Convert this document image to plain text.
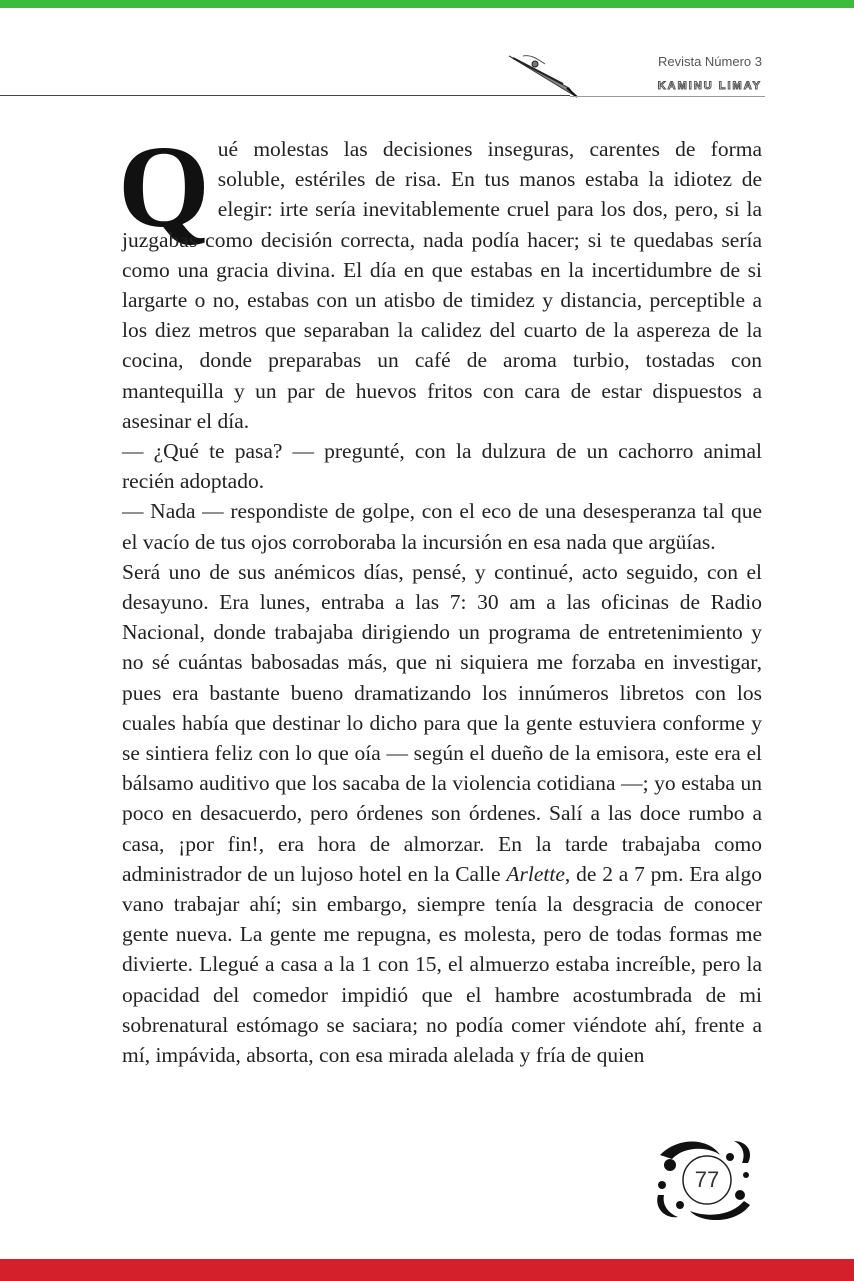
Revista Número 3
KAMINU LIMAY

Qué molestas las decisiones inseguras, carentes de forma soluble, estériles de risa. En tus manos estaba la idiotez de elegir: irte sería inevitablemente cruel para los dos, pero, si la juzgabas como decisión correcta, nada podía hacer; si te quedabas sería como una gracia divina. El día en que estabas en la incertidumbre de si largarte o no, estabas con un atisbo de timidez y distancia, perceptible a los diez metros que separaban la calidez del cuarto de la aspereza de la cocina, donde preparabas un café de aroma turbio, tostadas con mantequilla y un par de huevos fritos con cara de estar dispuestos a asesinar el día.

— ¿Qué te pasa? — pregunté, con la dulzura de un cachorro animal recién adoptado.

— Nada — respondiste de golpe, con el eco de una desesperanza tal que el vacío de tus ojos corroboraba la incursión en esa nada que argüías.

Será uno de sus anémicos días, pensé, y continué, acto seguido, con el desayuno. Era lunes, entraba a las 7: 30 am a las oficinas de Radio Nacional, donde trabajaba dirigiendo un programa de entretenimiento y no sé cuántas babosadas más, que ni siquiera me forzaba en investigar, pues era bastante bueno dramatizando los innúmeros libretos con los cuales había que destinar lo dicho para que la gente estuviera conforme y se sintiera feliz con lo que oía — según el dueño de la emisora, este era el bálsamo auditivo que los sacaba de la violencia cotidiana —; yo estaba un poco en desacuerdo, pero órdenes son órdenes. Salí a las doce rumbo a casa, ¡por fin!, era hora de almorzar. En la tarde trabajaba como administrador de un lujoso hotel en la Calle Arlette, de 2 a 7 pm. Era algo vano trabajar ahí; sin embargo, siempre tenía la desgracia de conocer gente nueva. La gente me repugna, es molesta, pero de todas formas me divierte. Llegué a casa a la 1 con 15, el almuerzo estaba increíble, pero la opacidad del comedor impidió que el hambre acostumbrada de mi sobrenatural estómago se saciara; no podía comer viéndote ahí, frente a mí, impávida, absorta, con esa mirada alelada y fría de quien

77
